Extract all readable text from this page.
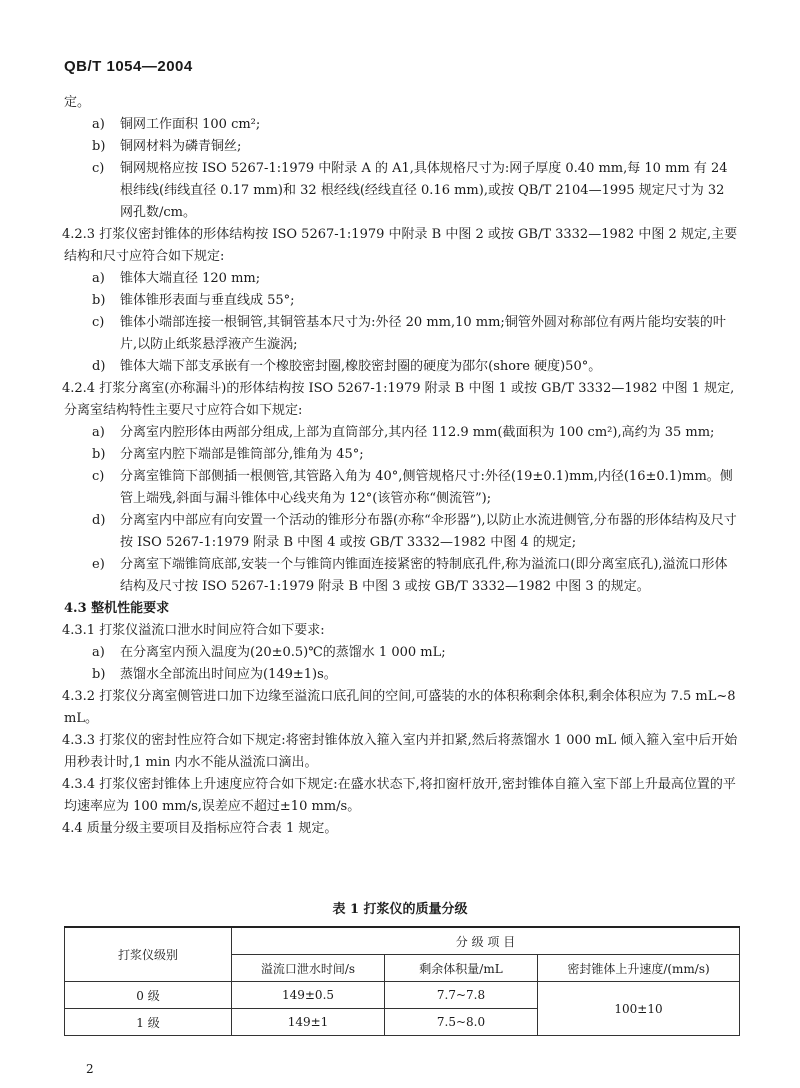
QB/T 1054—2004

定。

a)	铜网工作面积 100 cm²;
b)	铜网材料为磷青铜丝;
c)	铜网规格应按 ISO 5267-1:1979 中附录 A 的 A1,具体规格尺寸为:网子厚度 0.40 mm,每 10 mm 有 24 根纬线(纬线直径 0.17 mm)和 32 根经线(经线直径 0.16 mm),或按 QB/T 2104—1995 规定尺寸为 32 网孔数/cm。

4.2.3 打浆仪密封锥体的形体结构按 ISO 5267-1:1979 中附录 B 中图 2 或按 GB/T 3332—1982 中图 2 规定,主要结构和尺寸应符合如下规定:

a)	锥体大端直径 120 mm;
b)	锥体锥形表面与垂直线成 55°;
c)	锥体小端部连接一根铜管,其铜管基本尺寸为:外径 20 mm,10 mm;铜管外圆对称部位有两片能均安装的叶片,以防止纸浆悬浮液产生漩涡;
d)	锥体大端下部支承嵌有一个橡胶密封圈,橡胶密封圈的硬度为邵尔(shore 硬度)50°。

4.2.4 打浆分离室(亦称漏斗)的形体结构按 ISO 5267-1:1979 附录 B 中图 1 或按 GB/T 3332—1982 中图 1 规定,分离室结构特性主要尺寸应符合如下规定:

a)	分离室内腔形体由两部分组成,上部为直筒部分,其内径 112.9 mm(截面积为 100 cm²),高约为 35 mm;
b)	分离室内腔下端部是锥筒部分,锥角为 45°;
c)	分离室锥筒下部侧插一根侧管,其管路入角为 40°,侧管规格尺寸:外径(19±0.1)mm,内径(16±0.1)mm。侧管上端残,斜面与漏斗锥体中心线夹角为 12°(该管亦称“侧流管”);
d)	分离室内中部应有向安置一个活动的锥形分布器(亦称“伞形器”),以防止水流进侧管,分布器的形体结构及尺寸按 ISO 5267-1:1979 附录 B 中图 4 或按 GB/T 3332—1982 中图 4 的规定;
e)	分离室下端锥筒底部,安装一个与锥筒内锥面连接紧密的特制底孔件,称为溢流口(即分离室底孔),溢流口形体结构及尺寸按 ISO 5267-1:1979 附录 B 中图 3 或按 GB/T 3332—1982 中图 3 的规定。

4.3 整机性能要求

4.3.1 打浆仪溢流口泄水时间应符合如下要求:

a)	在分离室内预入温度为(20±0.5)℃的蒸馏水 1 000 mL;
b)	蒸馏水全部流出时间应为(149±1)s。

4.3.2 打浆仪分离室侧管进口加下边缘至溢流口底孔间的空间,可盛装的水的体积称剩余体积,剩余体积应为 7.5 mL~8 mL。

4.3.3 打浆仪的密封性应符合如下规定:将密封锥体放入箍入室内并扣紧,然后将蒸馏水 1 000 mL 倾入箍入室中后开始用秒表计时,1 min 内水不能从溢流口滴出。

4.3.4 打浆仪密封锥体上升速度应符合如下规定:在盛水状态下,将扣窗杆放开,密封锥体自箍入室下部上升最高位置的平均速率应为 100 mm/s,误差应不超过±10 mm/s。

4.4 质量分级主要项目及指标应符合表 1 规定。

表 1 打浆仪的质量分级
打浆仪级别	分 级 项 目		
	溢流口泄水时间/s	剩余体积量/mL	密封锥体上升速度/(mm/s)
0 级	149±0.5	7.7~7.8	100±10
1 级	149±1	7.5~8.0	
2
